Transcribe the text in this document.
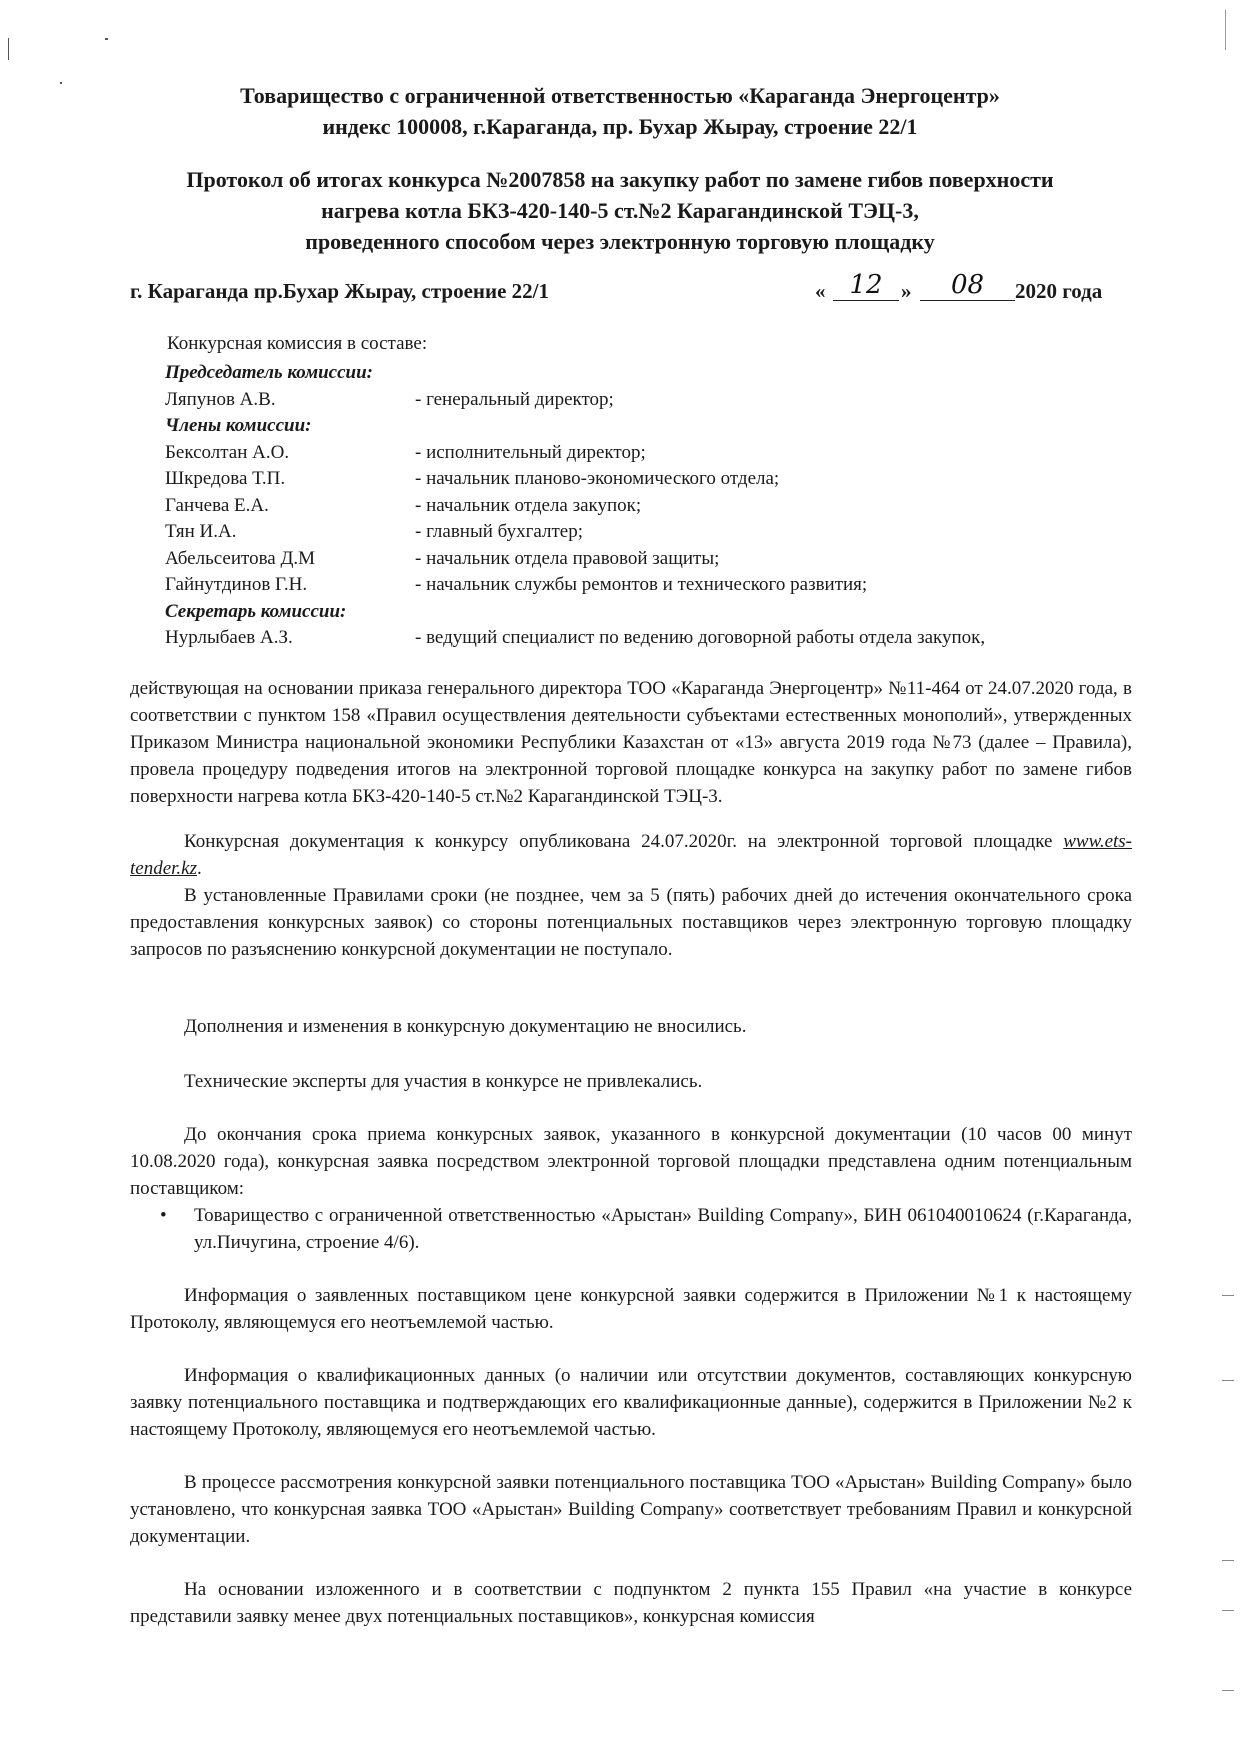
Товарищество с ограниченной ответственностью «Караганда Энергоцентр»
индекс 100008, г.Караганда, пр. Бухар Жырау, строение 22/1
Протокол об итогах конкурса №2007858 на закупку работ по замене гибов поверхности
нагрева котла БКЗ-420-140-5 ст.№2 Карагандинской ТЭЦ-3,
проведенного способом через электронную торговую площадку
г. Караганда пр.Бухар Жырау, строение 22/1	« 12 »	08	2020 года
Конкурсная комиссия в составе:
Председатель комиссии:
Ляпунов А.В.	- генеральный директор;
Члены комиссии:
Бексолтан А.О.	- исполнительный директор;
Шкредова Т.П.	- начальник планово-экономического отдела;
Ганчева Е.А.	- начальник отдела закупок;
Тян И.А.	- главный бухгалтер;
Абельсеитова Д.М	- начальник отдела правовой защиты;
Гайнутдинов Г.Н.	- начальник службы ремонтов и технического развития;
Секретарь комиссии:
Нурлыбаев А.З.	- ведущий специалист по ведению договорной работы отдела закупок,
действующая на основании приказа генерального директора ТОО «Караганда Энергоцентр» №11-464 от 24.07.2020 года, в соответствии с пунктом 158 «Правил осуществления деятельности субъектами естественных монополий», утвержденных Приказом Министра национальной экономики Республики Казахстан от «13» августа 2019 года №73 (далее – Правила), провела процедуру подведения итогов на электронной торговой площадке конкурса на закупку работ по замене гибов поверхности нагрева котла БКЗ-420-140-5 ст.№2 Карагандинской ТЭЦ-3.
Конкурсная документация к конкурсу опубликована 24.07.2020г. на электронной торговой площадке www.ets-tender.kz.
В установленные Правилами сроки (не позднее, чем за 5 (пять) рабочих дней до истечения окончательного срока предоставления конкурсных заявок) со стороны потенциальных поставщиков через электронную торговую площадку запросов по разъяснению конкурсной документации не поступало.
Дополнения и изменения в конкурсную документацию не вносились.
Технические эксперты для участия в конкурсе не привлекались.
До окончания срока приема конкурсных заявок, указанного в конкурсной документации (10 часов 00 минут 10.08.2020 года), конкурсная заявка посредством электронной торговой площадки представлена одним потенциальным поставщиком:
• Товарищество с ограниченной ответственностью «Арыстан» Building Company», БИН 061040010624 (г.Караганда, ул.Пичугина, строение 4/6).
Информация о заявленных поставщиком цене конкурсной заявки содержится в Приложении №1 к настоящему Протоколу, являющемуся его неотъемлемой частью.
Информация о квалификационных данных (о наличии или отсутствии документов, составляющих конкурсную заявку потенциального поставщика и подтверждающих его квалификационные данные), содержится в Приложении №2 к настоящему Протоколу, являющемуся его неотъемлемой частью.
В процессе рассмотрения конкурсной заявки потенциального поставщика ТОО «Арыстан» Building Company» было установлено, что конкурсная заявка ТОО «Арыстан» Building Company» соответствует требованиям Правил и конкурсной документации.
На основании изложенного и в соответствии с подпунктом 2 пункта 155 Правил «на участие в конкурсе представили заявку менее двух потенциальных поставщиков», конкурсная комиссия
